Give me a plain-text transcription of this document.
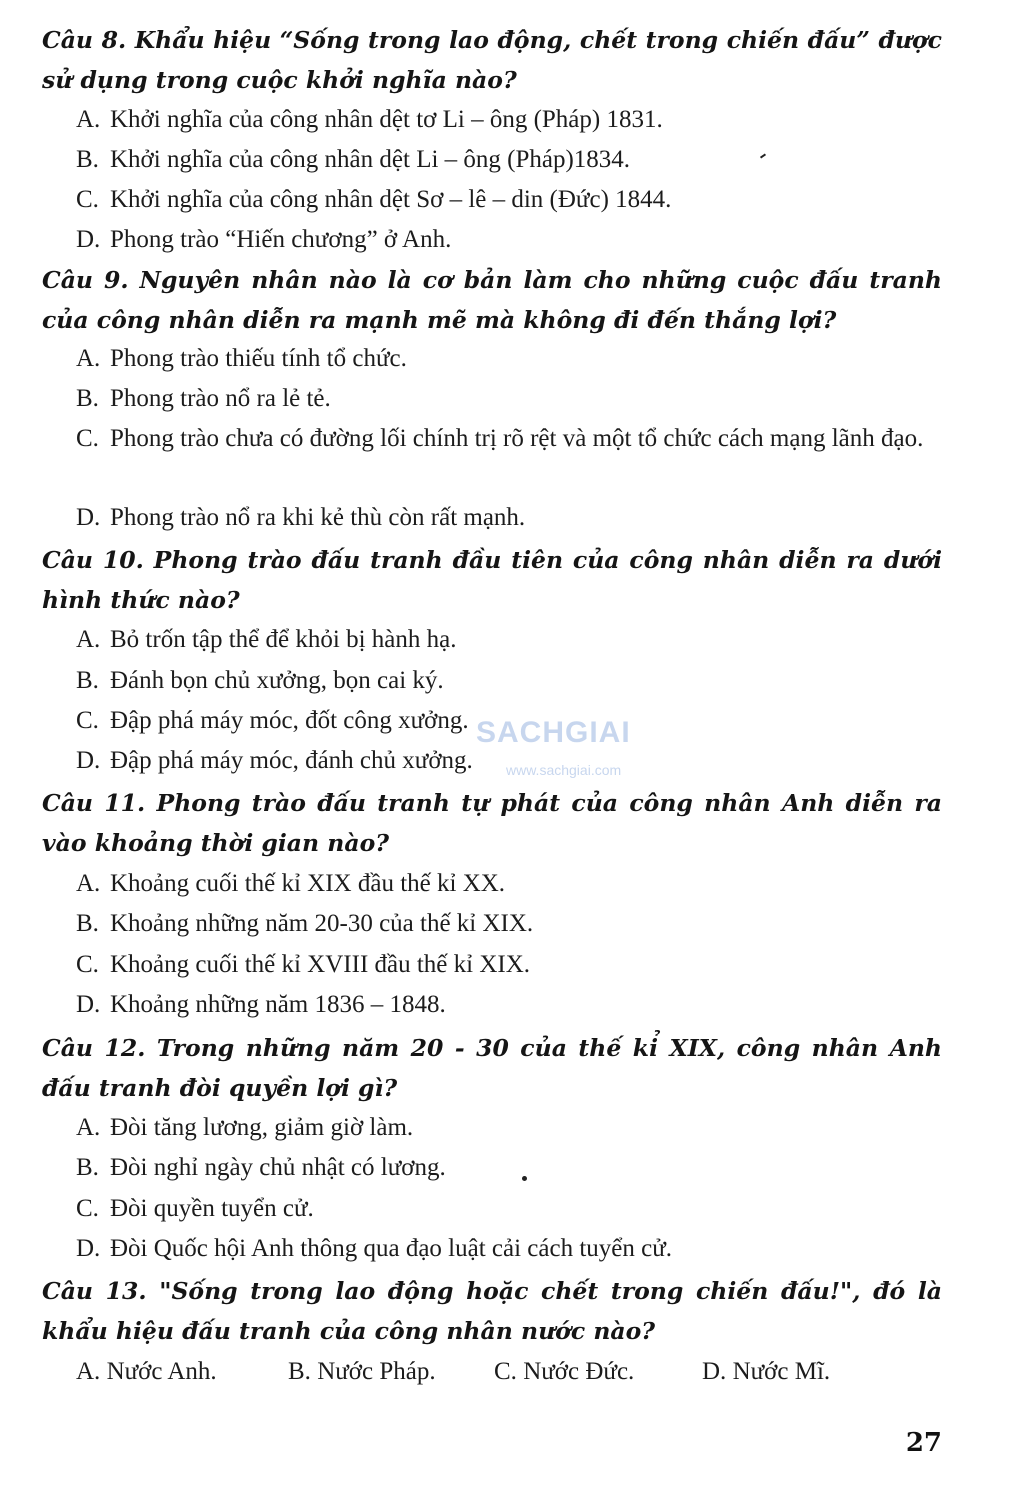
Câu 8. Khẩu hiệu “Sống trong lao động, chết trong chiến đấu” được sử dụng trong cuộc khởi nghĩa nào?

A. Khởi nghĩa của công nhân dệt tơ Li – ông (Pháp) 1831.
B. Khởi nghĩa của công nhân dệt Li – ông (Pháp)1834.
C. Khởi nghĩa của công nhân dệt Sơ – lê – din (Đức) 1844.
D. Phong trào “Hiến chương” ở Anh.

Câu 9. Nguyên nhân nào là cơ bản làm cho những cuộc đấu tranh của công nhân diễn ra mạnh mẽ mà không đi đến thắng lợi?

A. Phong trào thiếu tính tổ chức.
B. Phong trào nổ ra lẻ tẻ.
C. Phong trào chưa có đường lối chính trị rõ rệt và một tổ chức cách mạng lãnh đạo.
D. Phong trào nổ ra khi kẻ thù còn rất mạnh.

Câu 10. Phong trào đấu tranh đầu tiên của công nhân diễn ra dưới hình thức nào?

A. Bỏ trốn tập thể để khỏi bị hành hạ.
B. Đánh bọn chủ xưởng, bọn cai ký.
C. Đập phá máy móc, đốt công xưởng.
D. Đập phá máy móc, đánh chủ xưởng.
SACHGIAI
www.sachgiai.com

Câu 11. Phong trào đấu tranh tự phát của công nhân Anh diễn ra vào khoảng thời gian nào?

A. Khoảng cuối thế kỉ XIX đầu thế kỉ XX.
B. Khoảng những năm 20-30 của thế kỉ XIX.
C. Khoảng cuối thế kỉ XVIII đầu thế kỉ XIX.
D. Khoảng những năm 1836 – 1848.

Câu 12. Trong những năm 20 - 30 của thế kỉ XIX, công nhân Anh đấu tranh đòi quyền lợi gì?

A. Đòi tăng lương, giảm giờ làm.
B. Đòi nghỉ ngày chủ nhật có lương.
C. Đòi quyền tuyển cử.
D. Đòi Quốc hội Anh thông qua đạo luật cải cách tuyển cử.

Câu 13. "Sống trong lao động hoặc chết trong chiến đấu!", đó là khẩu hiệu đấu tranh của công nhân nước nào?

A. Nước Anh.	B. Nước Pháp. C. Nước Đức.	D. Nước Mĩ.
27
